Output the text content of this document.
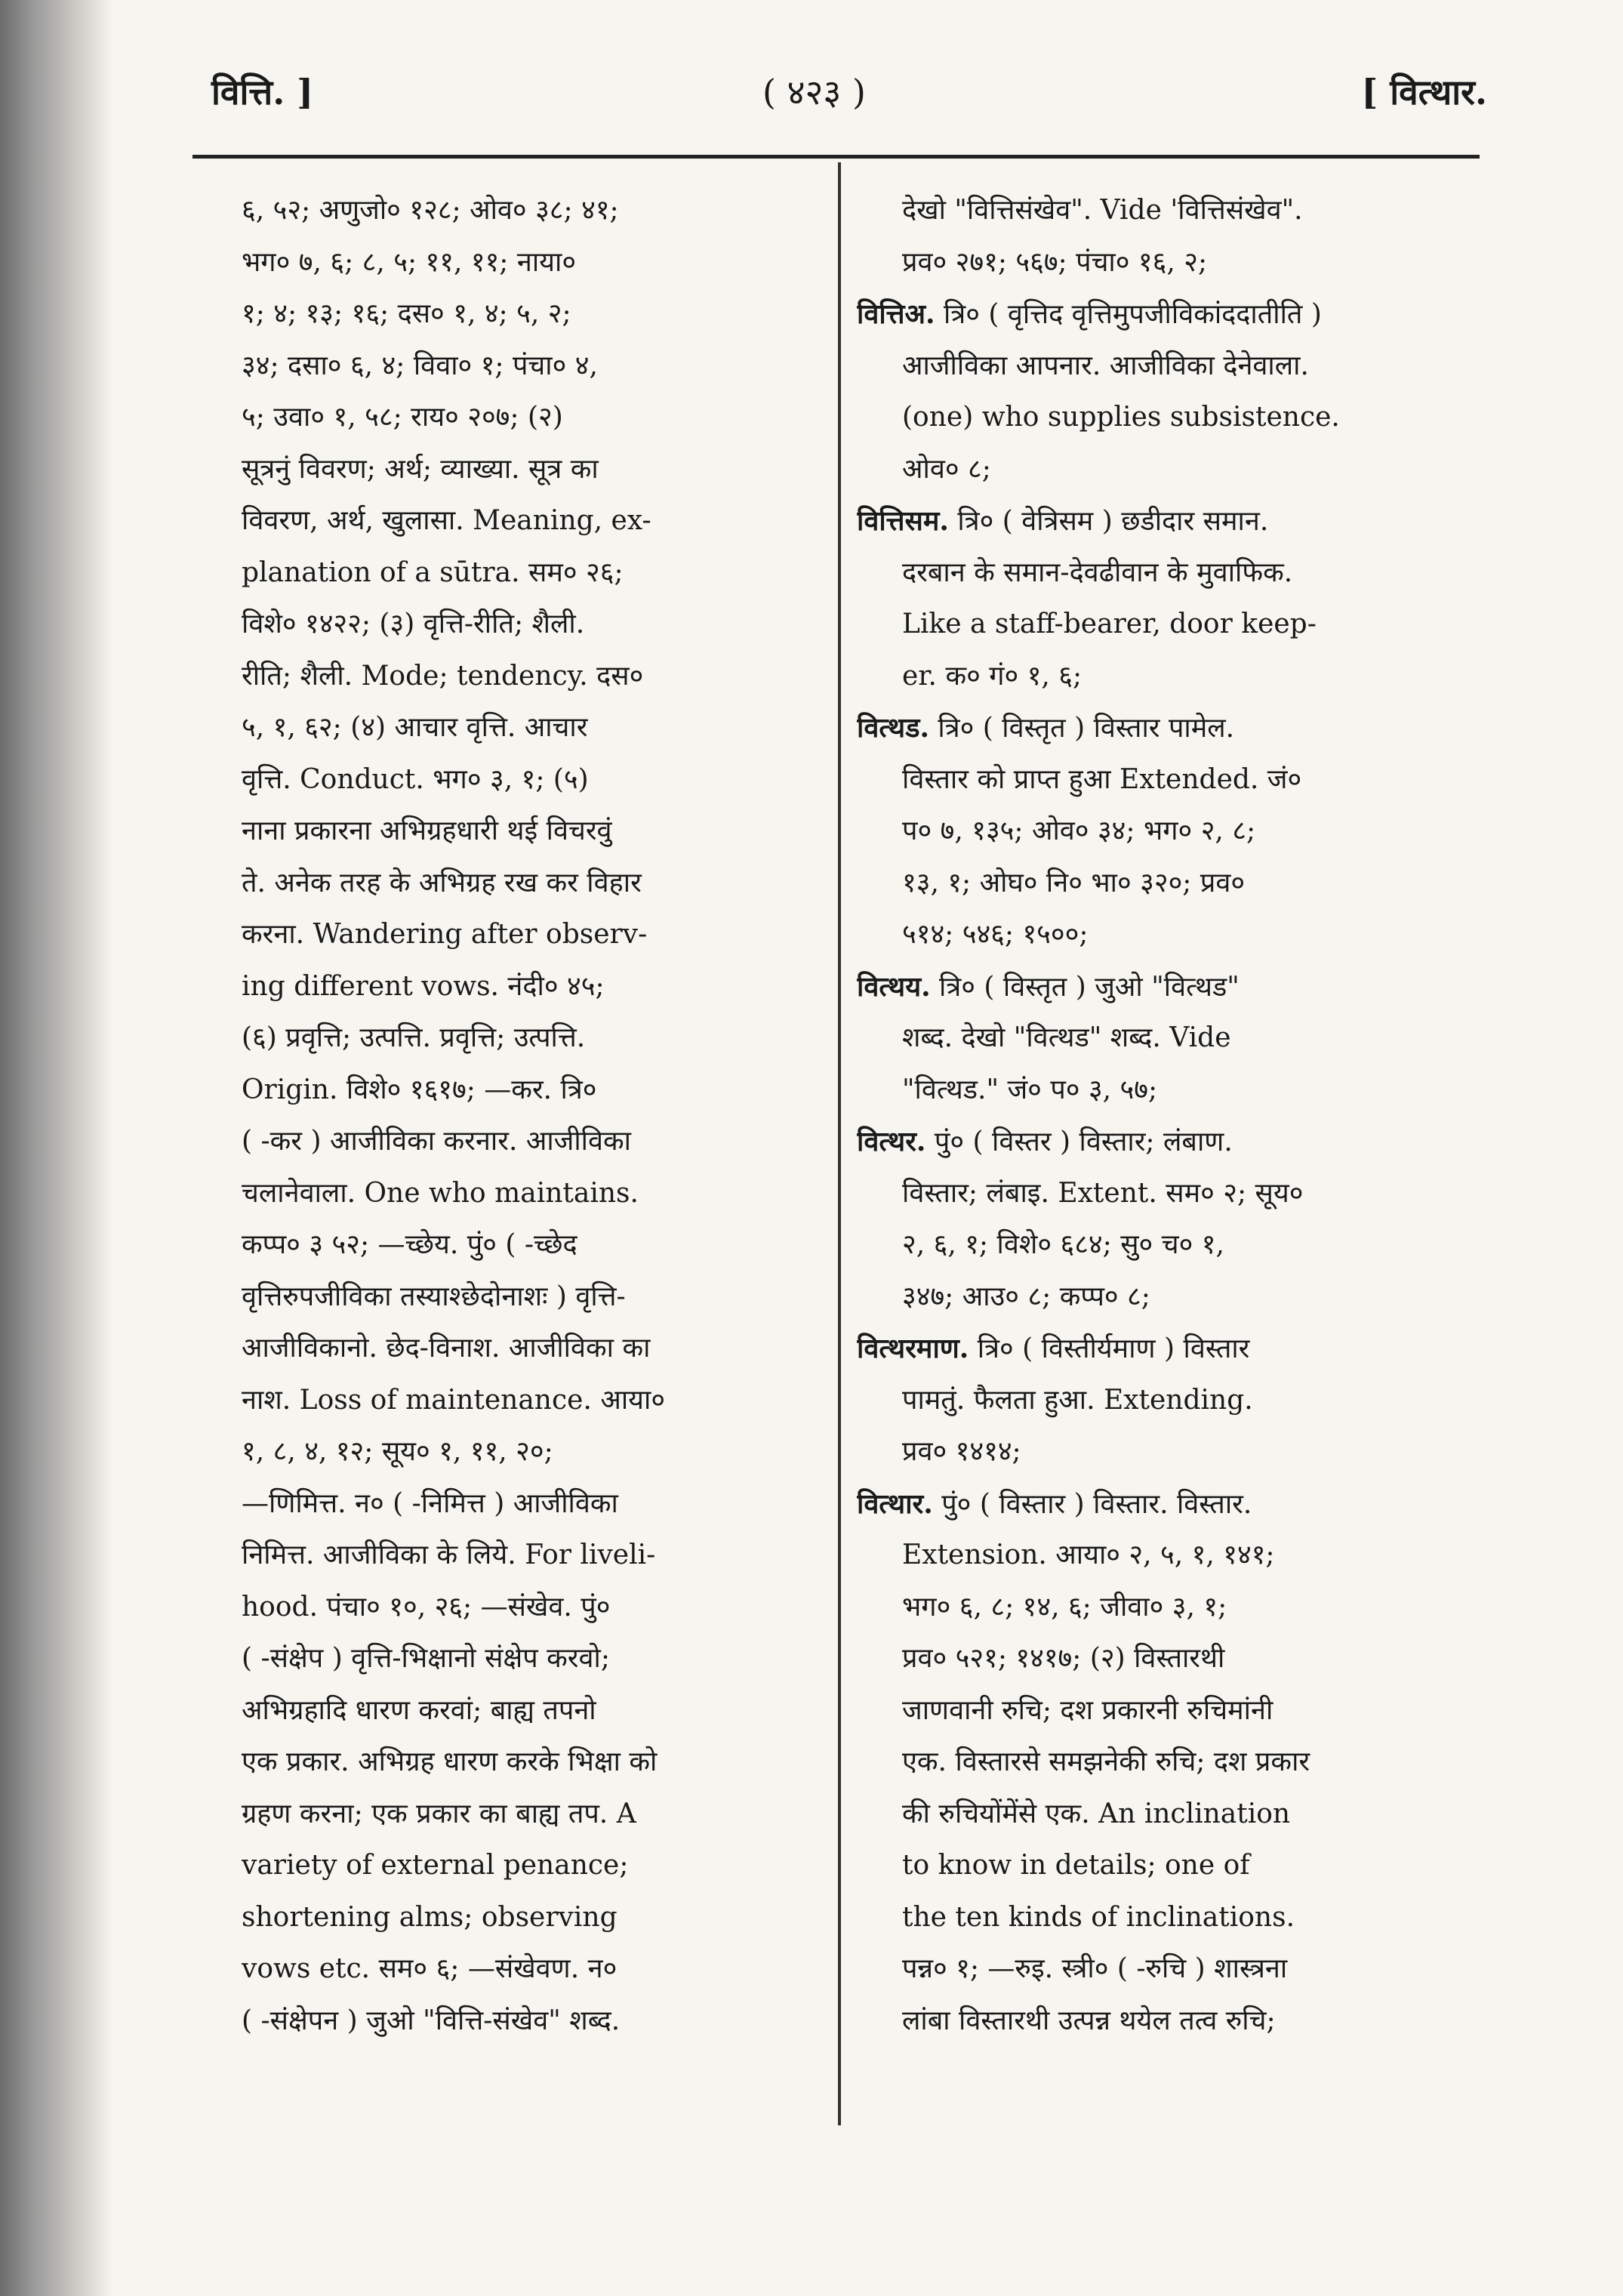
वित्ति. ]	( ४२३ )	[ वित्थार.
६, ५२; अणुजो० १२८; ओव० ३८; ४१;
भग० ७, ६; ८, ५; ११, ११; नाया०
१; ४; १३; १६; दस० १, ४; ५, २;
३४; दसा० ६, ४; विवा० १; पंचा० ४,
५; उवा० १, ५८; राय० २०७; (२)
सूत्रनुं विवरण; अर्थ; व्याख्या. सूत्र का
विवरण, अर्थ, खुलासा. Meaning, ex-
planation of a sūtra. सम० २६;
विशे० १४२२; (३) वृत्ति-रीति; शैली.
रीति; शैली. Mode; tendency. दस०
५, १, ६२; (४) आचार वृत्ति. आचार
वृत्ति. Conduct. भग० ३, १; (५)
नाना प्रकारना अभिग्रहधारी थई विचरवुं
ते. अनेक तरह के अभिग्रह रख कर विहार
करना. Wandering after observ-
ing different vows. नंदी० ४५;
(६) प्रवृत्ति; उत्पत्ति. प्रवृत्ति; उत्पत्ति.
Origin. विशे० १६१७; —कर. त्रि०
( -कर ) आजीविका करनार. आजीविका
चलानेवाला. One who maintains.
कप्प० ३ ५२; —च्छेय. पुं० ( -च्छेद
वृत्तिरुपजीविका तस्याश्छेदोनाशः ) वृत्ति-
आजीविकानो. छेद-विनाश. आजीविका का
नाश. Loss of maintenance. आया०
१, ८, ४, १२; सूय० १, ११, २०;
—णिमित्त. न० ( -निमित्त ) आजीविका
निमित्त. आजीविका के लिये. For liveli-
hood. पंचा० १०, २६; —संखेव. पुं०
( -संक्षेप ) वृत्ति-भिक्षानो संक्षेप करवो;
अभिग्रहादि धारण करवां; बाह्य तपनो
एक प्रकार. अभिग्रह धारण करके भिक्षा को
ग्रहण करना; एक प्रकार का बाह्य तप. A
variety of external penance;
shortening alms; observing
vows etc. सम० ६; —संखेवण. न०
( -संक्षेपन ) जुओ "वित्ति-संखेव" शब्द.
देखो "वित्तिसंखेव". Vide 'वित्तिसंखेव".
प्रव० २७१; ५६७; पंचा० १६, २;
वित्तिअ. त्रि० ( वृत्तिद वृत्तिमुपजीविकांददातीति )
आजीविका आपनार. आजीविका देनेवाला.
(one) who supplies subsistence.
ओव० ८;
वित्तिसम. त्रि० ( वेत्रिसम ) छडीदार समान.
दरबान के समान-देवढीवान के मुवाफिक.
Like a staff-bearer, door keep-
er. क० गं० १, ६;
वित्थड. त्रि० ( विस्तृत ) विस्तार पामेल.
विस्तार को प्राप्त हुआ Extended. जं०
प० ७, १३५; ओव० ३४; भग० २, ८;
१३, १; ओघ० नि० भा० ३२०; प्रव०
५१४; ५४६; १५००;
वित्थय. त्रि० ( विस्तृत ) जुओ "वित्थड"
शब्द. देखो "वित्थड" शब्द. Vide
"वित्थड." जं० प० ३, ५७;
वित्थर. पुं० ( विस्तर ) विस्तार; लंबाण.
विस्तार; लंबाइ. Extent. सम० २; सूय०
२, ६, १; विशे० ६८४; सु० च० १,
३४७; आउ० ८; कप्प० ८;
वित्थरमाण. त्रि० ( विस्तीर्यमाण ) विस्तार
पामतुं. फैलता हुआ. Extending.
प्रव० १४१४;
वित्थार. पुं० ( विस्तार ) विस्तार. विस्तार.
Extension. आया० २, ५, १, १४१;
भग० ६, ८; १४, ६; जीवा० ३, १;
प्रव० ५२१; १४१७; (२) विस्तारथी
जाणवानी रुचि; दश प्रकारनी रुचिमांनी
एक. विस्तारसे समझनेकी रुचि; दश प्रकार
की रुचियोंमेंसे एक. An inclination
to know in details; one of
the ten kinds of inclinations.
पन्न० १; —रुइ. स्त्री० ( -रुचि ) शास्त्रना
लांबा विस्तारथी उत्पन्न थयेल तत्व रुचि;
